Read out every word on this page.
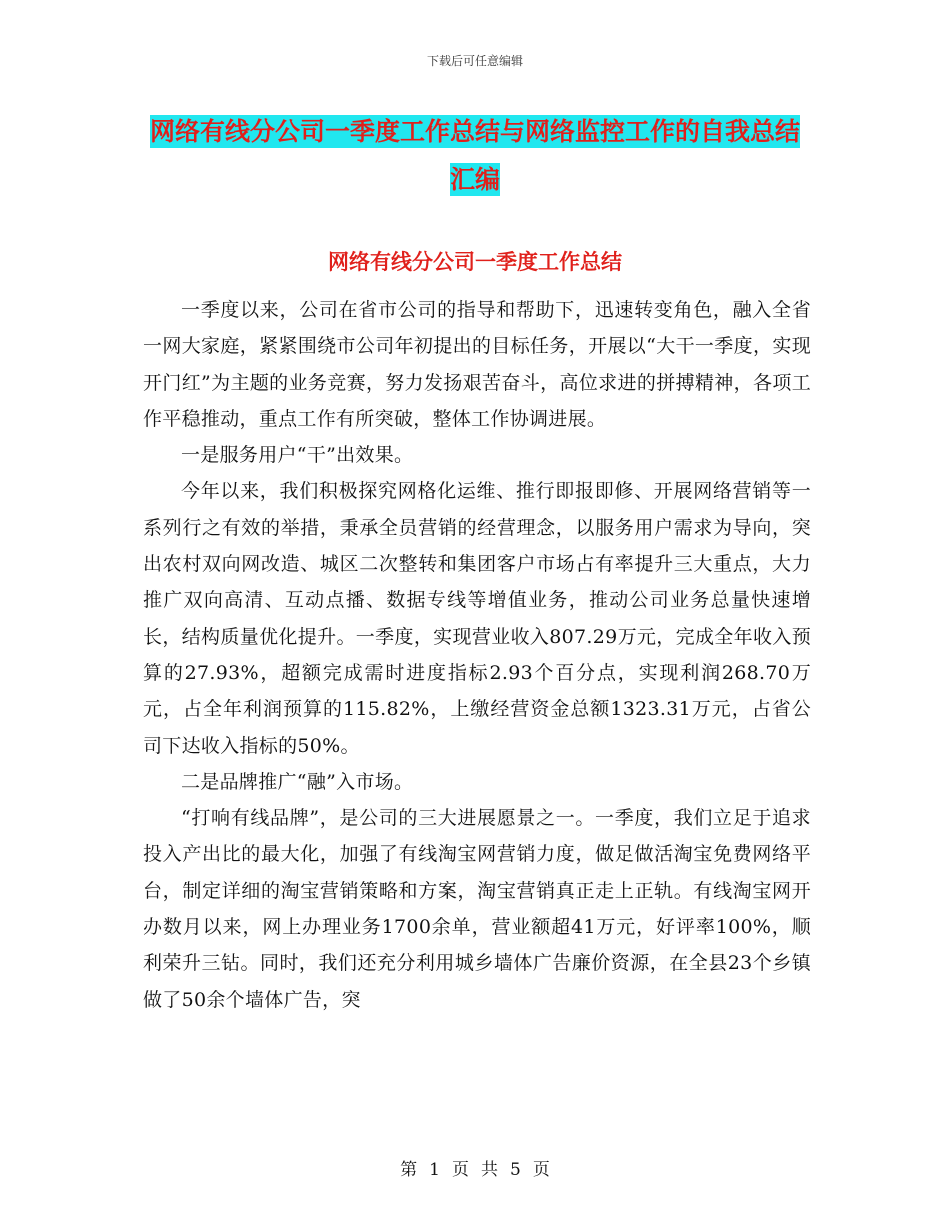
下载后可任意编辑
网络有线分公司一季度工作总结与网络监控工作的自我总结汇编
网络有线分公司一季度工作总结

一季度以来，公司在省市公司的指导和帮助下，迅速转变角色，融入全省一网大家庭，紧紧围绕市公司年初提出的目标任务，开展以“大干一季度，实现开门红”为主题的业务竞赛，努力发扬艰苦奋斗，高位求进的拼搏精神，各项工作平稳推动，重点工作有所突破，整体工作协调进展。

一是服务用户“干”出效果。

今年以来，我们积极探究网格化运维、推行即报即修、开展网络营销等一系列行之有效的举措，秉承全员营销的经营理念，以服务用户需求为导向，突出农村双向网改造、城区二次整转和集团客户市场占有率提升三大重点，大力推广双向高清、互动点播、数据专线等增值业务，推动公司业务总量快速增长，结构质量优化提升。一季度，实现营业收入807.29万元，完成全年收入预算的27.93%，超额完成需时进度指标2.93个百分点，实现利润268.70万元，占全年利润预算的115.82%，上缴经营资金总额1323.31万元，占省公司下达收入指标的50%。

二是品牌推广“融”入市场。

“打响有线品牌”，是公司的三大进展愿景之一。一季度，我们立足于追求投入产出比的最大化，加强了有线淘宝网营销力度，做足做活淘宝免费网络平台，制定详细的淘宝营销策略和方案，淘宝营销真正走上正轨。有线淘宝网开办数月以来，网上办理业务1700余单，营业额超41万元，好评率100%，顺利荣升三钻。同时，我们还充分利用城乡墙体广告廉价资源，在全县23个乡镇做了50余个墙体广告，突

第 1 页 共 5 页
